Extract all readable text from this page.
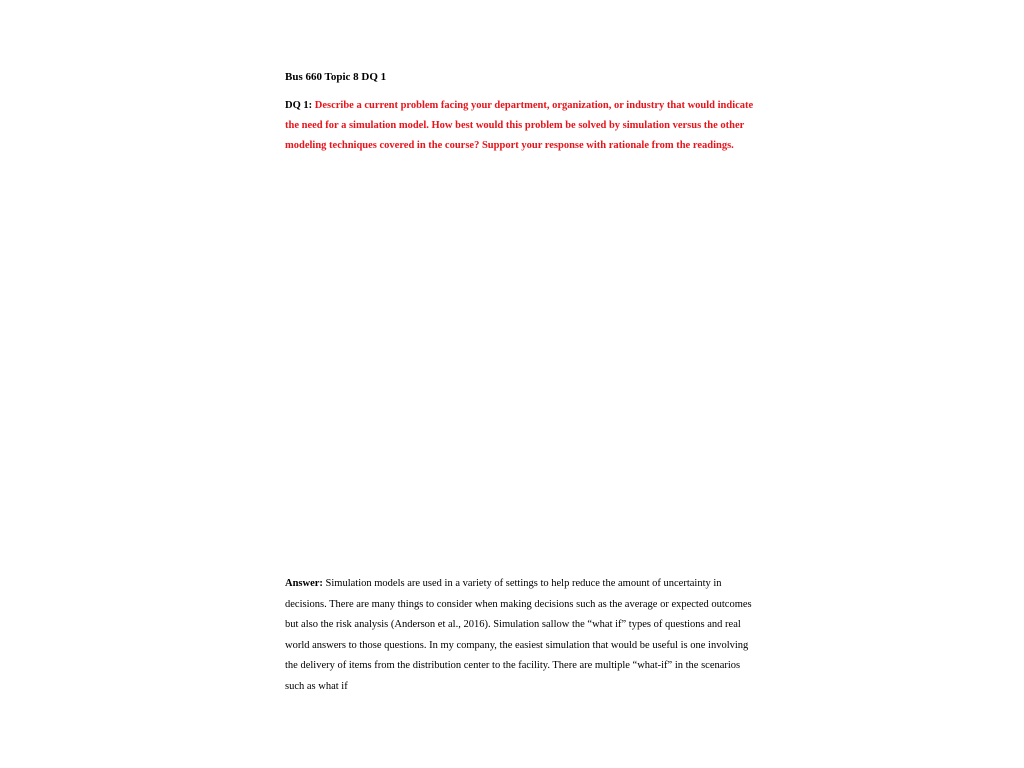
Bus 660 Topic 8 DQ 1

DQ 1: Describe a current problem facing your department, organization, or industry that would indicate the need for a simulation model. How best would this problem be solved by simulation versus the other modeling techniques covered in the course? Support your response with rationale from the readings.

Answer: Simulation models are used in a variety of settings to help reduce the amount of uncertainty in decisions. There are many things to consider when making decisions such as the average or expected outcomes but also the risk analysis (Anderson et al., 2016). Simulation sallow the “what if” types of questions and real world answers to those questions. In my company, the easiest simulation that would be useful is one involving the delivery of items from the distribution center to the facility. There are multiple “what-if” in the scenarios such as what if
